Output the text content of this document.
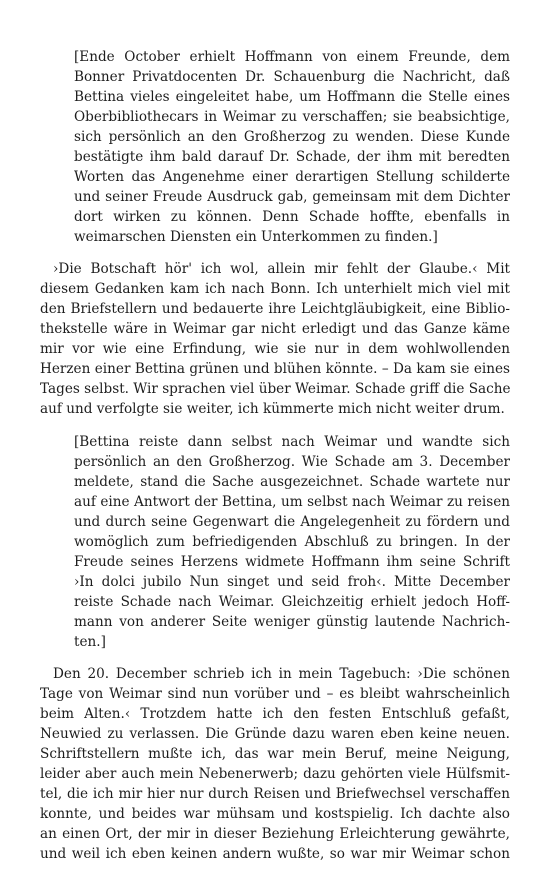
[Ende October erhielt Hoffmann von einem Freunde, dem

Bonner Privatdocenten Dr. Schauenburg die Nachricht, daß

Bettina vieles eingeleitet habe, um Hoffmann die Stelle eines

Oberbibliothecars in Weimar zu verschaffen; sie beabsichtige,

sich persönlich an den Großherzog zu wenden. Diese Kunde

bestätigte ihm bald darauf Dr. Schade, der ihm mit beredten

Worten das Angenehme einer derartigen Stellung schilderte

und seiner Freude Ausdruck gab, gemeinsam mit dem Dichter

dort wirken zu können. Denn Schade hoffte, ebenfalls in

weimarschen Diensten ein Unterkommen zu finden.]

›Die Botschaft hör' ich wol, allein mir fehlt der Glaube.‹ Mit

diesem Gedanken kam ich nach Bonn. Ich unterhielt mich viel mit

den Briefstellern und bedauerte ihre Leichtgläubigkeit, eine Biblio-

thekstelle wäre in Weimar gar nicht erledigt und das Ganze käme

mir vor wie eine Erfindung, wie sie nur in dem wohlwollenden

Herzen einer Bettina grünen und blühen könnte. – Da kam sie eines

Tages selbst. Wir sprachen viel über Weimar. Schade griff die Sache

auf und verfolgte sie weiter, ich kümmerte mich nicht weiter drum.

[Bettina reiste dann selbst nach Weimar und wandte sich

persönlich an den Großherzog. Wie Schade am 3. December

meldete, stand die Sache ausgezeichnet. Schade wartete nur

auf eine Antwort der Bettina, um selbst nach Weimar zu reisen

und durch seine Gegenwart die Angelegenheit zu fördern und

womöglich zum befriedigenden Abschluß zu bringen. In der

Freude seines Herzens widmete Hoffmann ihm seine Schrift

›In dolci jubilo Nun singet und seid froh‹. Mitte December

reiste Schade nach Weimar. Gleichzeitig erhielt jedoch Hoff-

mann von anderer Seite weniger günstig lautende Nachrich-

ten.]

Den 20. December schrieb ich in mein Tagebuch: ›Die schönen

Tage von Weimar sind nun vorüber und – es bleibt wahrscheinlich

beim Alten.‹ Trotzdem hatte ich den festen Entschluß gefaßt,

Neuwied zu verlassen. Die Gründe dazu waren eben keine neuen.

Schriftstellern mußte ich, das war mein Beruf, meine Neigung,

leider aber auch mein Nebenerwerb; dazu gehörten viele Hülfsmit-

tel, die ich mir hier nur durch Reisen und Briefwechsel verschaffen

konnte, und beides war mühsam und kostspielig. Ich dachte also

an einen Ort, der mir in dieser Beziehung Erleichterung gewährte,

und weil ich eben keinen andern wußte, so war mir Weimar schon
